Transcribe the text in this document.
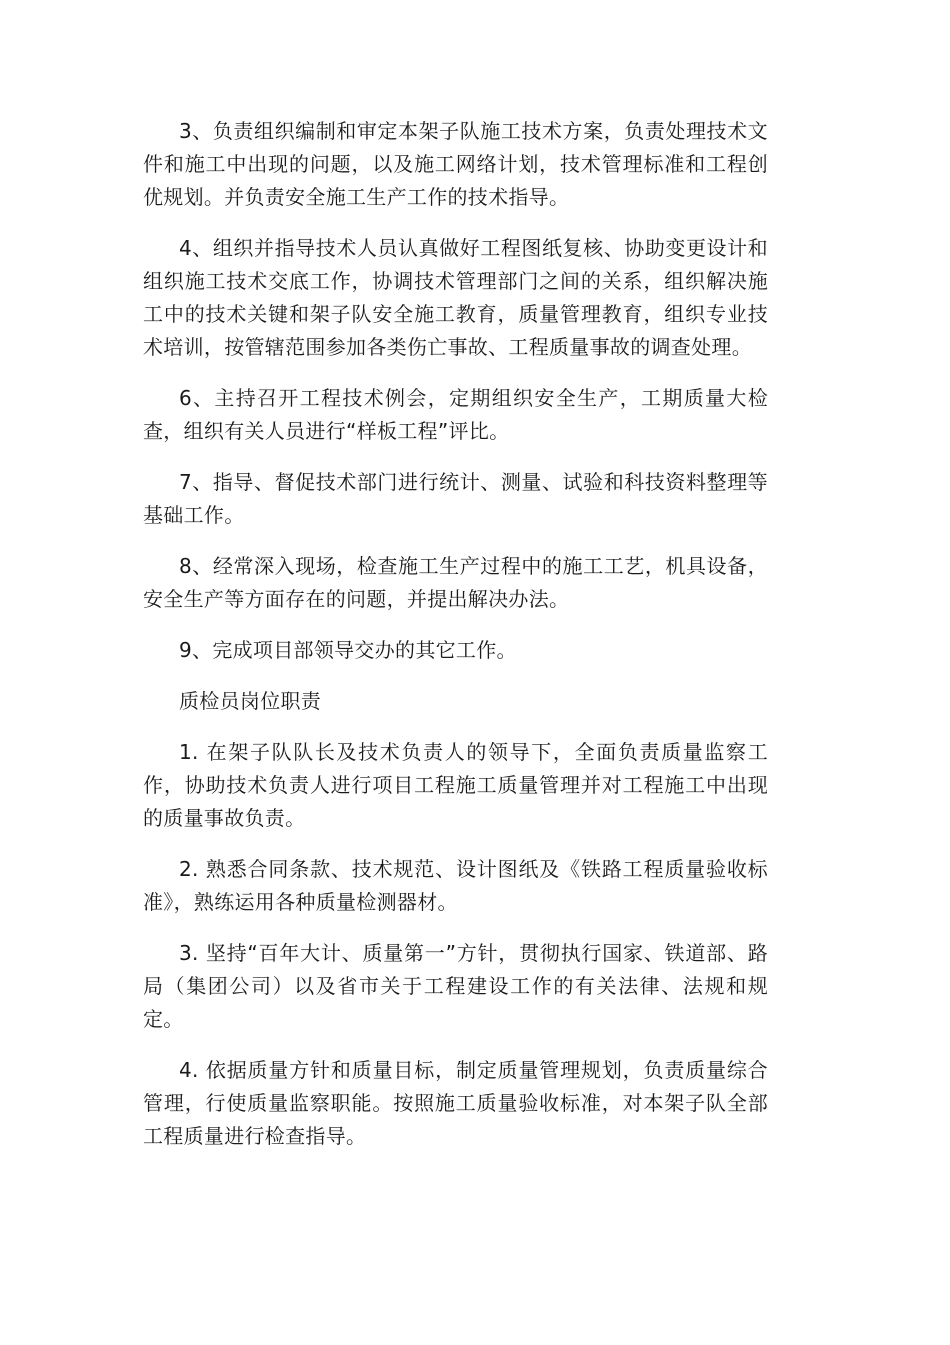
3、负责组织编制和审定本架子队施工技术方案，负责处理技术文件和施工中出现的问题，以及施工网络计划，技术管理标准和工程创优规划。并负责安全施工生产工作的技术指导。

4、组织并指导技术人员认真做好工程图纸复核、协助变更设计和组织施工技术交底工作，协调技术管理部门之间的关系，组织解决施工中的技术关键和架子队安全施工教育，质量管理教育，组织专业技术培训，按管辖范围参加各类伤亡事故、工程质量事故的调查处理。

6、主持召开工程技术例会，定期组织安全生产，工期质量大检查，组织有关人员进行“样板工程”评比。

7、指导、督促技术部门进行统计、测量、试验和科技资料整理等基础工作。

8、经常深入现场，检查施工生产过程中的施工工艺，机具设备，安全生产等方面存在的问题，并提出解决办法。

9、完成项目部领导交办的其它工作。

质检员岗位职责

1. 在架子队队长及技术负责人的领导下，全面负责质量监察工作，协助技术负责人进行项目工程施工质量管理并对工程施工中出现的质量事故负责。

2. 熟悉合同条款、技术规范、设计图纸及《铁路工程质量验收标准》，熟练运用各种质量检测器材。

3. 坚持“百年大计、质量第一”方针，贯彻执行国家、铁道部、路局（集团公司）以及省市关于工程建设工作的有关法律、法规和规定。

4. 依据质量方针和质量目标，制定质量管理规划，负责质量综合管理，行使质量监察职能。按照施工质量验收标准，对本架子队全部工程质量进行检查指导。
